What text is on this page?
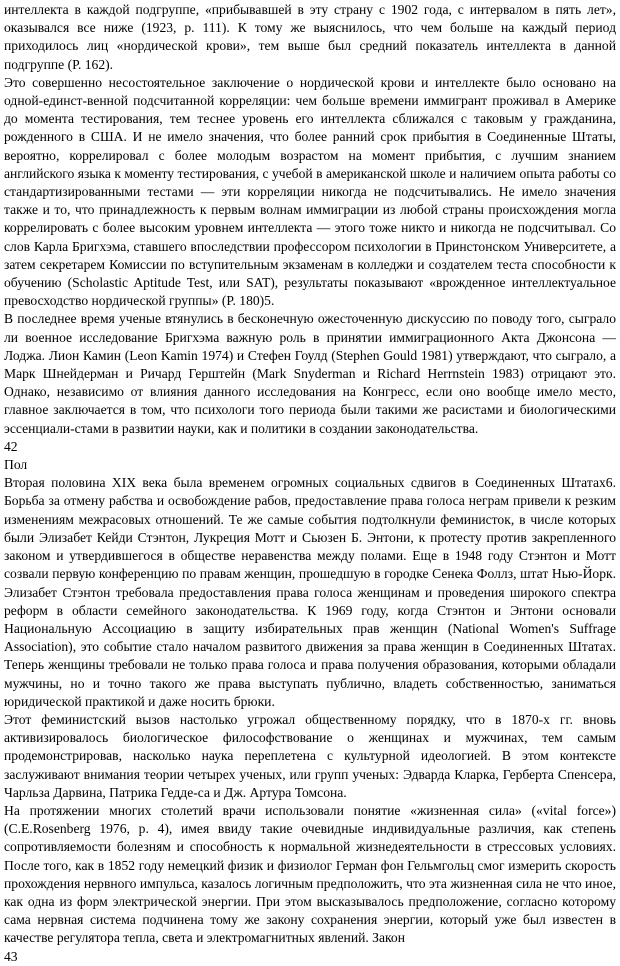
интеллекта в каждой подгруппе, «прибывавшей в эту страну с 1902 года, с интервалом в пять лет», оказывался все ниже (1923, p. 111). К тому же выяснилось, что чем больше на каждый период приходилось лиц «нордической крови», тем выше был средний показатель интеллекта в данной подгруппе (Р. 162).

Это совершенно несостоятельное заключение о нордической крови и интеллекте было основано на одной-единст-венной подсчитанной корреляции: чем больше времени иммигрант проживал в Америке до момента тестирования, тем теснее уровень его интеллекта сближался с таковым у гражданина, рожденного в США. И не имело значения, что более ранний срок прибытия в Соединенные Штаты, вероятно, коррелировал с более молодым возрастом на момент прибытия, с лучшим знанием английского языка к моменту тестирования, с учебой в американской школе и наличием опыта работы со стандартизированными тестами — эти корреляции никогда не подсчитывались. Не имело значения также и то, что принадлежность к первым волнам иммиграции из любой страны происхождения могла коррелировать с более высоким уровнем интеллекта — этого тоже никто и никогда не подсчитывал. Со слов Карла Бригхэма, ставшего впоследствии профессором психологии в Принстонском Университете, а затем секретарем Комиссии по вступительным экзаменам в колледжи и создателем теста способности к обучению (Scholastic Aptitude Test, или SAT), результаты показывают «врожденное интеллектуальное превосходство нордической группы» (P. 180)5.

В последнее время ученые втянулись в бесконечную ожесточенную дискуссию по поводу того, сыграло ли военное исследование Бригхэма важную роль в принятии иммиграционного Акта Джонсона — Лоджа. Лион Камин (Leon Kamin 1974) и Стефен Гоулд (Stephen Gould 1981) утверждают, что сыграло, а Марк Шнейдерман и Ричард Герштейн (Mark Snyderman и Richard Herrnstein 1983) отрицают это. Однако, независимо от влияния данного исследования на Конгресс, если оно вообще имело место, главное заключается в том, что психологи того периода были такими же расистами и биологическими эссенциали-стами в развитии науки, как и политики в создании законодательства.

42

Пол

Вторая половина XIX века была временем огромных социальных сдвигов в Соединенных Штатах6. Борьба за отмену рабства и освобождение рабов, предоставление права голоса неграм привели к резким изменениям межрасовых отношений. Те же самые события подтолкнули феминисток, в числе которых были Элизабет Кейди Стэнтон, Лукреция Мотт и Сьюзен Б. Энтони, к протесту против закрепленного законом и утвердившегося в обществе неравенства между полами. Еще в 1948 году Стэнтон и Мотт созвали первую конференцию по правам женщин, прошедшую в городке Сенека Фоллз, штат Нью-Йорк. Элизабет Стэнтон требовала предоставления права голоса женщинам и проведения широкого спектра реформ в области семейного законодательства. К 1969 году, когда Стэнтон и Энтони основали Национальную Ассоциацию в защиту избирательных прав женщин (National Women's Suffrage Association), это событие стало началом развитого движения за права женщин в Соединенных Штатах. Теперь женщины требовали не только права голоса и права получения образования, которыми обладали мужчины, но и точно такого же права выступать публично, владеть собственностью, заниматься юридической практикой и даже носить брюки.

Этот феминистский вызов настолько угрожал общественному порядку, что в 1870-х гг. вновь активизировалось биологическое философствование о женщинах и мужчинах, тем самым продемонстрировав, насколько наука переплетена с культурной идеологией. В этом контексте заслуживают внимания теории четырех ученых, или групп ученых: Эдварда Кларка, Герберта Спенсера, Чарльза Дарвина, Патрика Гедде-са и Дж. Артура Томсона.

На протяжении многих столетий врачи использовали понятие «жизненная сила» («vital force») (C.E.Rosenberg 1976, p. 4), имея ввиду такие очевидные индивидуальные различия, как степень сопротивляемости болезням и способность к нормальной жизнедеятельности в стрессовых условиях. После того, как в 1852 году немецкий физик и физиолог Герман фон Гельмгольц смог измерить скорость прохождения нервного импульса, казалось логичным предположить, что эта жизненная сила не что иное, как одна из форм электрической энергии. При этом высказывалось предположение, согласно которому сама нервная система подчинена тому же закону сохранения энергии, который уже был известен в качестве регулятора тепла, света и электромагнитных явлений. Закон

43
